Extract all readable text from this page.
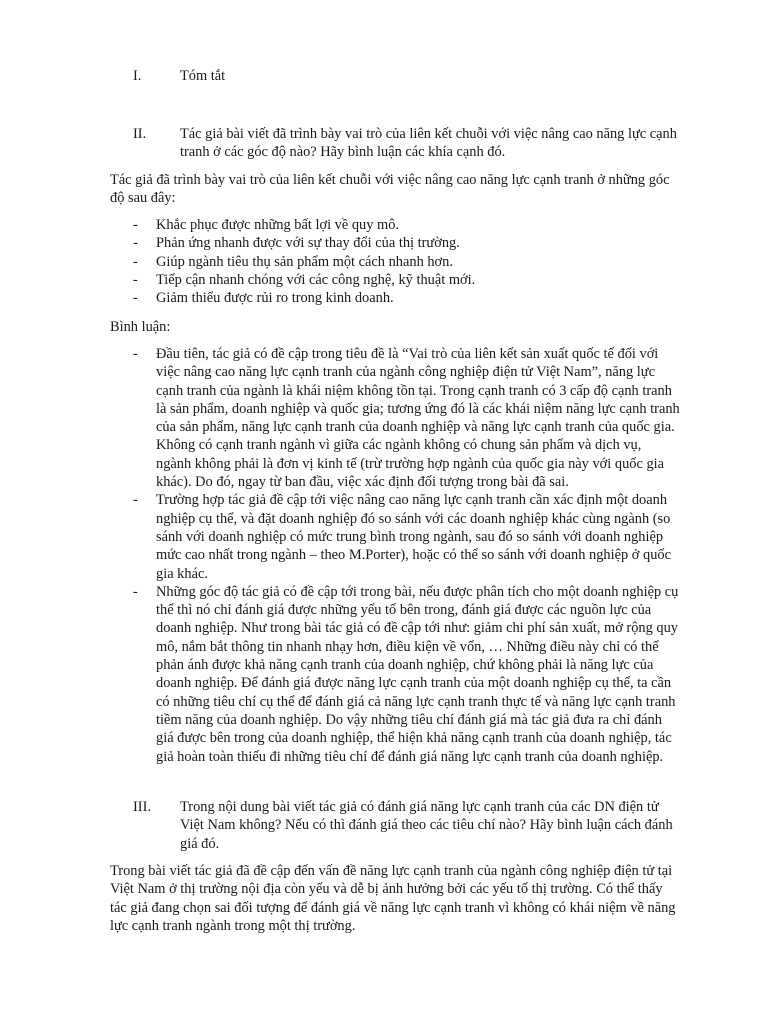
I.	Tóm tắt
II. Tác giả bài viết đã trình bày vai trò của liên kết chuỗi với việc nâng cao năng lực cạnh tranh ở các góc độ nào? Hãy bình luận các khía cạnh đó.

Tác giả đã trình bày vai trò của liên kết chuỗi với việc nâng cao năng lực cạnh tranh ở những góc độ sau đây:

- Khắc phục được những bất lợi về quy mô.
- Phản ứng nhanh được với sự thay đổi của thị trường.
- Giúp ngành tiêu thụ sản phẩm một cách nhanh hơn.
- Tiếp cận nhanh chóng với các công nghệ, kỹ thuật mới.
- Giảm thiểu được rủi ro trong kinh doanh.

Bình luận:

- Đầu tiên, tác giả có đề cập trong tiêu đề là “Vai trò của liên kết sản xuất quốc tế đối với việc nâng cao năng lực cạnh tranh của ngành công nghiệp điện tử Việt Nam”, năng lực cạnh tranh của ngành là khái niệm không tồn tại. Trong cạnh tranh có 3 cấp độ cạnh tranh là sản phẩm, doanh nghiệp và quốc gia; tương ứng đó là các khái niệm năng lực cạnh tranh của sản phẩm, năng lực cạnh tranh của doanh nghiệp và năng lực cạnh tranh của quốc gia. Không có cạnh tranh ngành vì giữa các ngành không có chung sản phẩm và dịch vụ, ngành không phải là đơn vị kinh tế (trừ trường hợp ngành của quốc gia này với quốc gia khác). Do đó, ngay từ ban đầu, việc xác định đối tượng trong bài đã sai.
- Trường hợp tác giả đề cập tới việc nâng cao năng lực cạnh tranh cần xác định một doanh nghiệp cụ thể, và đặt doanh nghiệp đó so sánh với các doanh nghiệp khác cùng ngành (so sánh với doanh nghiệp có mức trung bình trong ngành, sau đó so sánh với doanh nghiệp mức cao nhất trong ngành – theo M.Porter), hoặc có thể so sánh với doanh nghiệp ở quốc gia khác.
- Những góc độ tác giả có đề cập tới trong bài, nếu được phân tích cho một doanh nghiệp cụ thể thì nó chỉ đánh giá được những yếu tố bên trong, đánh giá được các nguồn lực của doanh nghiệp. Như trong bài tác giả có đề cập tới như: giảm chi phí sản xuất, mở rộng quy mô, nắm bắt thông tin nhanh nhạy hơn, điều kiện về vốn, … Những điều này chỉ có thể phản ánh được khả năng cạnh tranh của doanh nghiệp, chứ không phải là năng lực của doanh nghiệp. Để đánh giá được năng lực cạnh tranh của một doanh nghiệp cụ thể, ta cần có những tiêu chí cụ thể để đánh giá cả năng lực cạnh tranh thực tế và năng lực cạnh tranh tiềm năng của doanh nghiệp. Do vậy những tiêu chí đánh giá mà tác giả đưa ra chỉ đánh giá được bên trong của doanh nghiệp, thể hiện khả năng cạnh tranh của doanh nghiệp, tác giả hoàn toàn thiếu đi những tiêu chí để đánh giá năng lực cạnh tranh của doanh nghiệp.
III. Trong nội dung bài viết tác giả có đánh giá năng lực cạnh tranh của các DN điện tử Việt Nam không? Nếu có thì đánh giá theo các tiêu chí nào? Hãy bình luận cách đánh giá đó.

Trong bài viết tác giả đã đề cập đến vấn đề năng lực cạnh tranh của ngành công nghiệp điện tử tại Việt Nam ở thị trường nội địa còn yếu và dễ bị ảnh hưởng bởi các yếu tố thị trường. Có thể thấy tác giả đang chọn sai đối tượng để đánh giá về năng lực cạnh tranh vì không có khái niệm về năng lực cạnh tranh ngành trong một thị trường.
